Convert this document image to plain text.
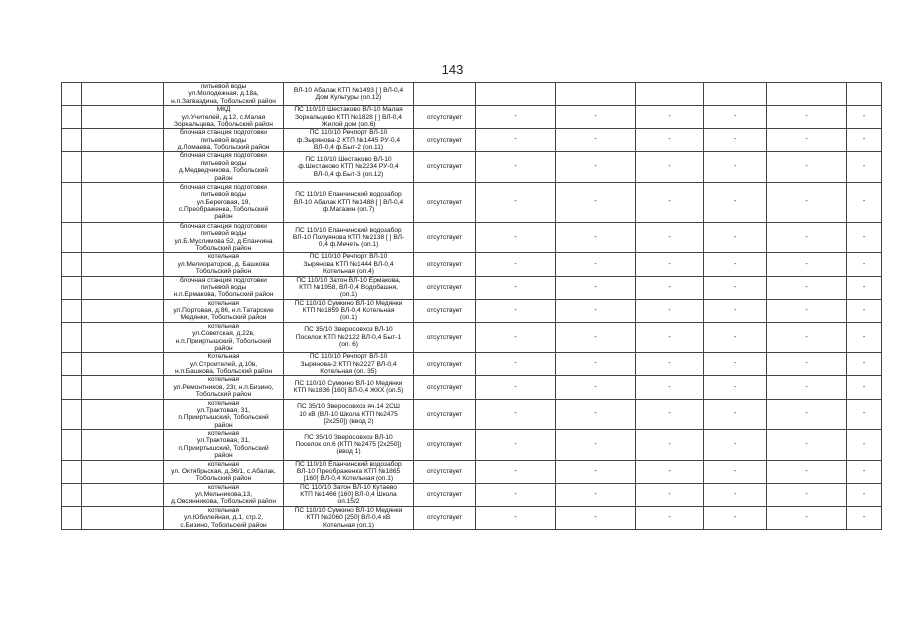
143
		питьевой воды
ул.Молодежная, д.18а,
н.п.Загваздина, Тобольский район	ВЛ-10 Абалак КТП №1493 [ ] ВЛ-0,4
Дом Культуры (оп.12)							
		МКД
ул.Учителей, д.12, с.Малая
Зоркальцева, Тобольский район	ПС 110/10 Шестаково ВЛ-10 Малая
Зоркальцево КТП №1828 [ ] ВЛ-0,4
Жилой дом (оп.6)	отсутствует	-	-	-	-	-	-
		блочная станция подготовки
питьевой воды
д.Ломаева, Тобольский район	ПС 110/10 Речпорт ВЛ-10
ф.Зырянова-2 КТП №1445 РУ-0,4
ВЛ-0,4 ф.Быт-2 (оп.11)	отсутствует	-	-	-	-	-	-
		блочная станция подготовки
питьевой воды
д.Медведчикова, Тобольский
район	ПС 110/10 Шестаково ВЛ-10
ф.Шестаково КТП №2234 РУ-0,4
ВЛ-0,4 ф.Быт-3 (оп.12)	отсутствует	-	-	-	-	-	-
		блочная станция подготовки
питьевой воды
ул.Береговая, 19,
с.Преображенка, Тобольский
район	ПС 110/10 Епанчинский водозабор
ВЛ-10 Абалак КТП №1488 [ ] ВЛ-0,4
ф.Магазин (оп.7)	отсутствует	-	-	-	-	-	-
		блочная станция подготовки
питьевой воды
ул.Б.Муслимова 52, д.Епанчина
Тобольский район	ПС 110/10 Епанчинский водозабор
ВЛ-10 Полуянова КТП №2138 [ ] ВЛ-
0,4 ф.Мечеть (оп.1)	отсутствует	-	-	-	-	-	-
		котельная
ул.Мелиораторов, д. Башкова
Тобольский район	ПС 110/10 Речпорт ВЛ-10
Зырянова КТП №1444 ВЛ-0,4
Котельная (оп.4)	отсутствует	-	-	-	-	-	-
		блочная станция подготовки
питьевой воды
н.п.Ермакова, Тобольский район	ПС 110/10 Затон ВЛ-10 Ермакова,
КТП №1958, ВЛ-0,4 Водобашня,
(оп.1)	отсутствует	-	-	-	-	-	-
		котельная
ул.Портовая, д.86, н.п.Татарские
Медянки, Тобольский район	ПС 110/10 Сумкино ВЛ-10 Медянки
КТП №1859 ВЛ-0,4 Котельная
(оп.1)	отсутствует	-	-	-	-	-	-
		котельная
ул.Советская, д.22в,
н.п.Прииртышский, Тобольский
район	ПС 35/10 Зверосовхоз ВЛ-10
Поселок КТП №2122 ВЛ-0,4 Быт-1
(оп. 6)	отсутствует	-	-	-	-	-	-
		Котельная
ул.Строителей, д.10в,
н.п.Башкова, Тобольский район	ПС 110/10 Речпорт ВЛ-10
Зырянова-2 КТП №2227 ВЛ-0,4
Котельная (оп. 35)	отсутствует	-	-	-	-	-	-
		котельная
ул.Ремонтников, 23г, н.п.Бизино,
Тобольский район	ПС 110/10 Сумкино ВЛ-10 Медянки
КТП №1836 [160] ВЛ-0,4 ЖКХ (оп.5)	отсутствует	-	-	-	-	-	-
		котельная
ул.Трактовая, 31,
п.Прииртышский, Тобольский
район	ПС 35/10 Зверосовхоз яч.14 2СШ
10 кВ (ВЛ-10 Школа КТП №2475
[2х250]) (ввод 2)	отсутствует	-	-	-	-	-	-
		котельная
ул.Трактовая, 31,
п.Прииртышский, Тобольский
район	ПС 35/10 Зверосовхоз ВЛ-10
Поселок оп.6 (КТП №2475 [2х250])
(ввод 1)	отсутствует	-	-	-	-	-	-
		котельная
ул. Октябрьская, д.36/1, с.Абалак,
Тобольский район	ПС 110/10 Епанчинский водозабор
ВЛ-10 Преображенка КТП №1865
[160] ВЛ-0,4 Котельная (оп.1)	отсутствует	-	-	-	-	-	-
		котельная
ул.Мельникова,13,
д.Овсянникова, Тобольский район	ПС 110/10 Затон ВЛ-10 Кутаево
КТП №1466 [160] ВЛ-0,4 Школа
оп.15/2	отсутствует	-	-	-	-	-	-
		котельная
ул.Юбилейная, д.1, стр.2,
с.Бизино, Тобольский район	ПС 110/10 Сумкино ВЛ-10 Медянки
КТП №2060 [250] ВЛ-0,4 кВ
Котельная (оп.1)	отсутствует	-	-	-	-	-	-
